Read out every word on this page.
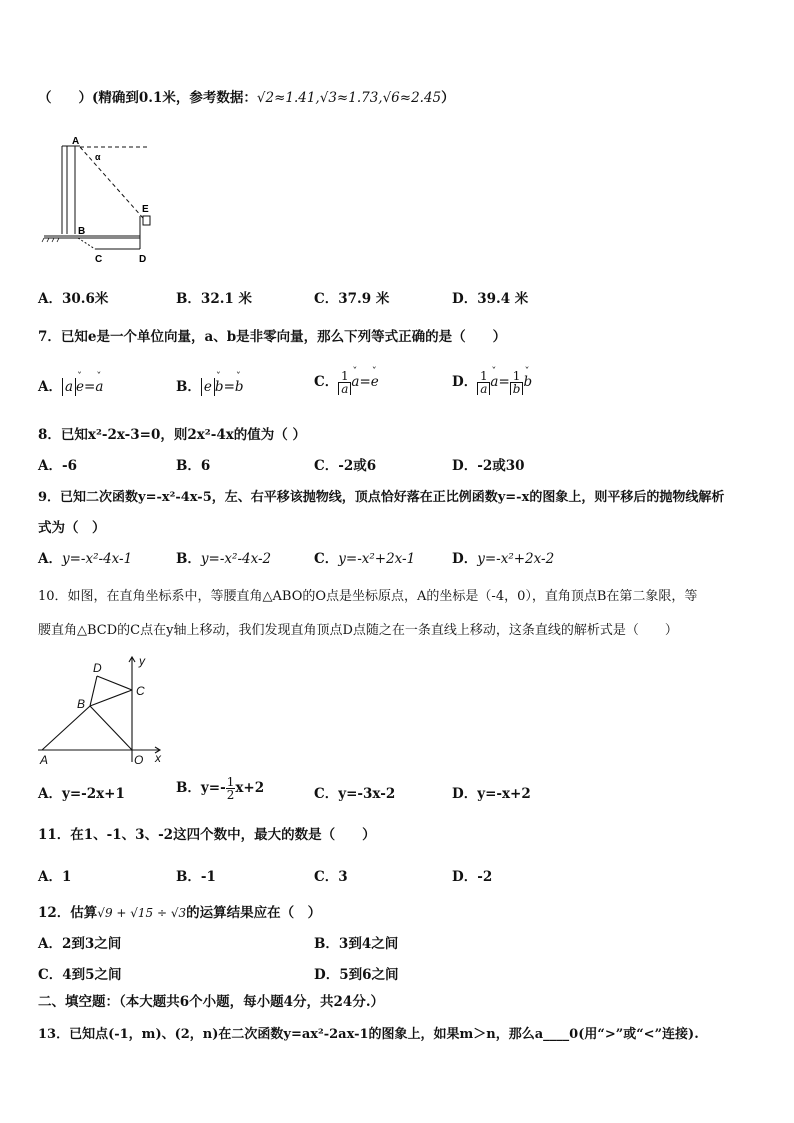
（　　）(精确到0.1米，参考数据：√2≈1.41,√3≈1.73,√6≈2.45）
A
α
E
B
C	D
A．30.6米	B．32.1 米	C．37.9 米	D．39.4 米
7．已知e是一个单位向量，a、b是非零向量，那么下列等式正确的是（　　）
A． a ˇ e=ˇ a	B． e ˇ b=ˇ b	C． $\frac{1}{a}$ ˇ a=ˇ e	D． $\frac{1}{a}$ ˇ $a= \frac{1}{b}$ ˇ b
8．已知x²-2x-3=0，则2x²-4x的值为（ ）
A．-6	B．6	C．-2或6	D．-2或30
9．已知二次函数y=-x²-4x-5，左、右平移该抛物线，顶点恰好落在正比例函数y=-x的图象上，则平移后的抛物线解析
式为（　）
A．y=-x²-4x-1	B．y=-x²-4x-2	C．y=-x²+2x-1	D．y=-x²+2x-2
10．如图，在直角坐标系中，等腰直角△ABO的O点是坐标原点，A的坐标是（-4，0），直角顶点B在第二象限，等
腰直角△BCD的C点在y轴上移动，我们发现直角顶点D点随之在一条直线上移动，这条直线的解析式是（　　）
D
C
B
A	O x
y
A．y=-2x+1	B．$y=- \frac{1}{2} x+2$	C．y=-3x-2	D．y=-x+2
11．在1、-1、3、-2这四个数中，最大的数是（　　）
A．1	B．-1	C．3	D．-2
12．估算√9 + √15 ÷ √3的运算结果应在（　）
A．2到3之间	B．3到4之间
C．4到5之间	D．5到6之间
二、填空题：（本大题共6个小题，每小题4分，共24分.）
13．已知点(-1，m)、(2，n)在二次函数y=ax²-2ax-1的图象上，如果m＞n，那么a____0(用“>”或“<”连接).
